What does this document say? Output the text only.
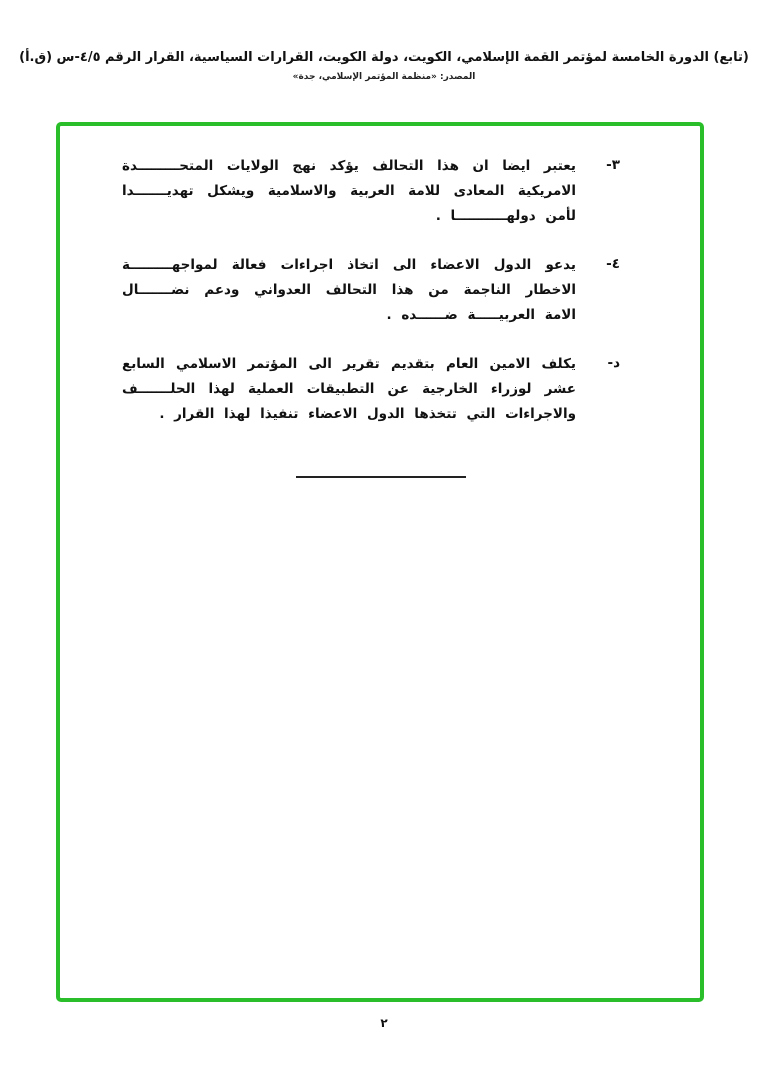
(تابع) الدورة الخامسة لمؤتمر القمة الإسلامي، الكويت، دولة الكويت، القرارات السياسية، القرار الرقم ٤/٥-س (ق.أ)
المصدر: «منظمة المؤتمر الإسلامي، جدة»
٣-
يعتبر ايضا ان هذا التحالف يؤكد نهج الولايات المتحـــــــــدة الامريكية المعادى للامة العربية والاسلامية ويشكل تهديـــــــدا لأمن دولهـــــــــــا .
٤-
يدعو الدول الاعضاء الى اتخاذ اجراءات فعالة لمواجهـــــــــة الاخطار الناجمة من هذا التحالف العدواني ودعم نضـــــــال الامة العربيـــــة ضــــــده .
د-
يكلف الامين العام بتقديم تقرير الى المؤتمر الاسلامي السابع عشر لوزراء الخارجية عن التطبيقات العملية لهذا الحلـــــــف والاجراءات التي تتخذها الدول الاعضاء تنفيذا لهذا القرار .
٢
